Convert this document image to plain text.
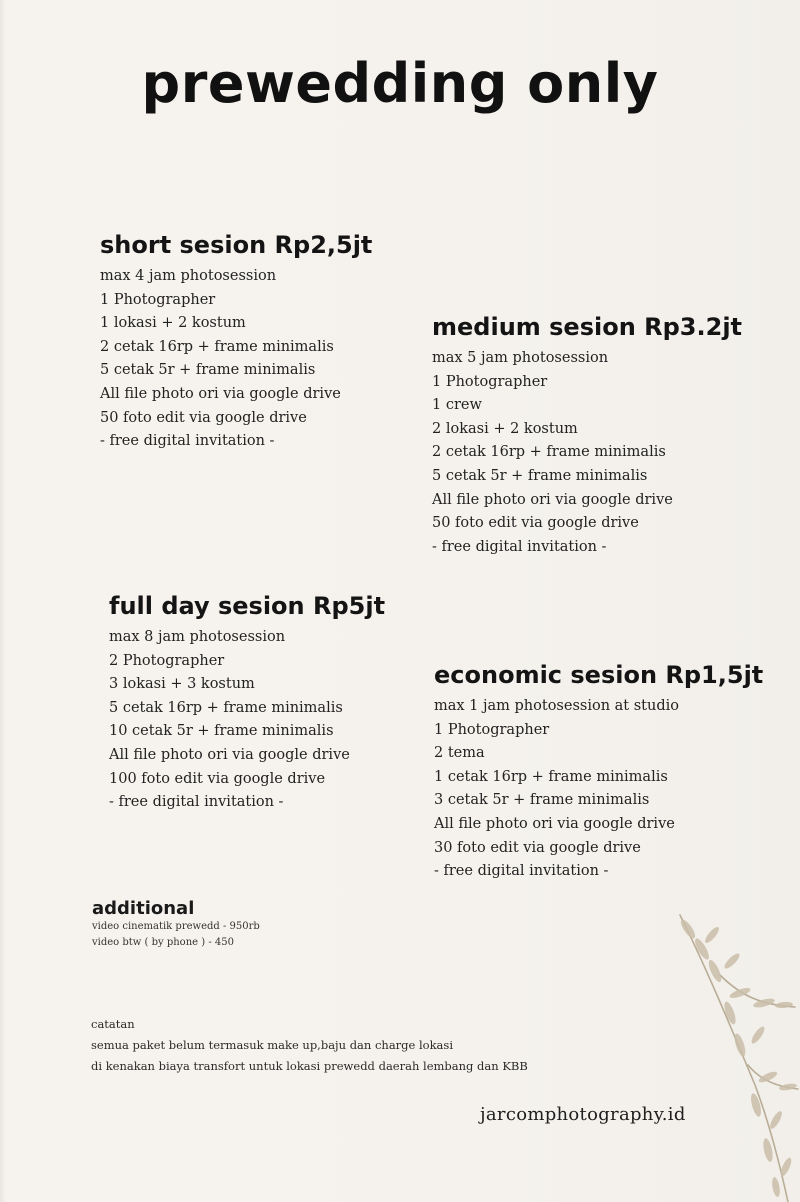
prewedding only
short sesion Rp2,5jt
max 4 jam photosession
1 Photographer
1 lokasi + 2 kostum
2 cetak 16rp + frame minimalis
5 cetak 5r + frame minimalis
All file photo ori via google drive
50 foto edit via google drive
- free digital invitation -
medium sesion Rp3.2jt
max 5 jam photosession
1 Photographer
1 crew
2 lokasi + 2 kostum
2 cetak 16rp + frame minimalis
5 cetak 5r + frame minimalis
All file photo ori via google drive
50 foto edit via google drive
- free digital invitation -
full day sesion Rp5jt
max 8 jam photosession
2 Photographer
3 lokasi + 3 kostum
5 cetak 16rp + frame minimalis
10 cetak 5r + frame minimalis
All file photo ori via google drive
100 foto edit via google drive
- free digital invitation -
economic sesion Rp1,5jt
max 1 jam photosession at studio
1 Photographer
2 tema
1 cetak 16rp + frame minimalis
3 cetak 5r + frame minimalis
All file photo ori via google drive
30 foto edit via google drive
- free digital invitation -
additional
video cinematik prewedd - 950rb
video btw ( by phone ) - 450
catatan
semua paket belum termasuk make up,baju dan charge lokasi
di kenakan biaya transfort untuk lokasi prewedd daerah lembang dan KBB
jarcomphotography.id
